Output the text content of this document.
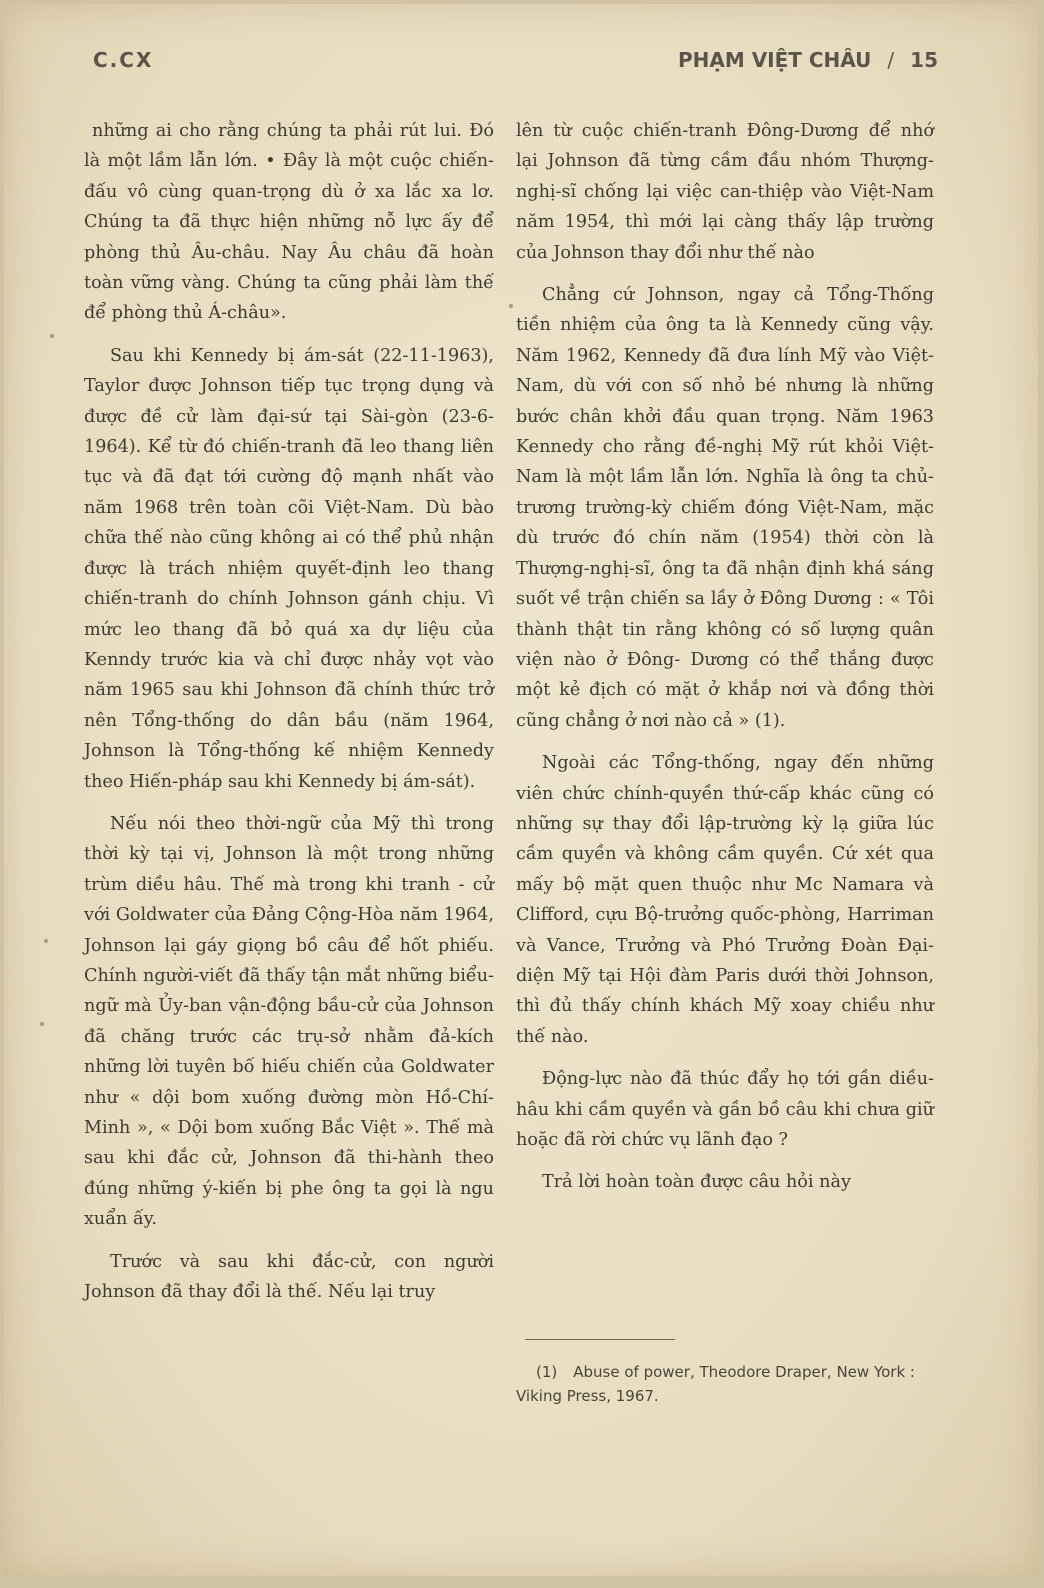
C.CX	PHẠM VIỆT CHÂU / 15

những ai cho rằng chúng ta phải rút lui. Đó là một lầm lẫn lớn. • Đây là một cuộc chiến-đấu vô cùng quan-trọng dù ở xa lắc xa lơ. Chúng ta đã thực hiện những nỗ lực ấy để phòng thủ Âu-châu. Nay Âu châu đã hoàn toàn vững vàng. Chúng ta cũng phải làm thế để phòng thủ Á-châu».

Sau khi Kennedy bị ám-sát (22-11-1963), Taylor được Johnson tiếp tục trọng dụng và được đề cử làm đại-sứ tại Sài-gòn (23-6-1964). Kể từ đó chiến-tranh đã leo thang liên tục và đã đạt tới cường độ mạnh nhất vào năm 1968 trên toàn cõi Việt-Nam. Dù bào chữa thế nào cũng không ai có thể phủ nhận được là trách nhiệm quyết-định leo thang chiến-tranh do chính Johnson gánh chịu. Vì mức leo thang đã bỏ quá xa dự liệu của Kenndy trước kia và chỉ được nhảy vọt vào năm 1965 sau khi Johnson đã chính thức trở nên Tổng-thống do dân bầu (năm 1964, Johnson là Tổng-thống kế nhiệm Kennedy theo Hiến-pháp sau khi Kennedy bị ám-sát).

Nếu nói theo thời-ngữ của Mỹ thì trong thời kỳ tại vị, Johnson là một trong những trùm diều hâu. Thế mà trong khi tranh - cử với Goldwater của Đảng Cộng-Hòa năm 1964, Johnson lại gáy giọng bồ câu để hốt phiếu. Chính người-viết đã thấy tận mắt những biểu-ngữ mà Ủy-ban vận-động bầu-cử của Johnson đã chăng trước các trụ-sở nhằm đả-kích những lời tuyên bố hiếu chiến của Goldwater như « dội bom xuống đường mòn Hồ-Chí-Minh », « Dội bom xuống Bắc Việt ». Thế mà sau khi đắc cử, Johnson đã thi-hành theo đúng những ý-kiến bị phe ông ta gọi là ngu xuẩn ấy.

Trước và sau khi đắc-cử, con người Johnson đã thay đổi là thế. Nếu lại truy

lên từ cuộc chiến-tranh Đông-Dương để nhớ lại Johnson đã từng cầm đầu nhóm Thượng-nghị-sĩ chống lại việc can-thiệp vào Việt-Nam năm 1954, thì mới lại càng thấy lập trường của Johnson thay đổi như thế nào

Chẳng cứ Johnson, ngay cả Tổng-Thống tiền nhiệm của ông ta là Kennedy cũng vậy. Năm 1962, Kennedy đã đưa lính Mỹ vào Việt-Nam, dù với con số nhỏ bé nhưng là những bước chân khởi đầu quan trọng. Năm 1963 Kennedy cho rằng đề-nghị Mỹ rút khỏi Việt-Nam là một lầm lẫn lớn. Nghĩa là ông ta chủ-trương trường-kỳ chiếm đóng Việt-Nam, mặc dù trước đó chín năm (1954) thời còn là Thượng-nghị-sĩ, ông ta đã nhận định khá sáng suốt về trận chiến sa lầy ở Đông Dương : « Tôi thành thật tin rằng không có số lượng quân viện nào ở Đông- Dương có thể thắng được một kẻ địch có mặt ở khắp nơi và đồng thời cũng chẳng ở nơi nào cả » (1).

Ngoài các Tổng-thống, ngay đến những viên chức chính-quyền thứ-cấp khác cũng có những sự thay đổi lập-trường kỳ lạ giữa lúc cầm quyền và không cầm quyền. Cứ xét qua mấy bộ mặt quen thuộc như Mc Namara và Clifford, cựu Bộ-trưởng quốc-phòng, Harriman và Vance, Trưởng và Phó Trưởng Đoàn Đại-diện Mỹ tại Hội đàm Paris dưới thời Johnson, thì đủ thấy chính khách Mỹ xoay chiều như thế nào.

Động-lực nào đã thúc đẩy họ tới gần diều-hâu khi cầm quyền và gần bồ câu khi chưa giữ hoặc đã rời chức vụ lãnh đạo ?

Trả lời hoàn toàn được câu hỏi này

(1) Abuse of power, Theodore Draper, New York : Viking Press, 1967.
